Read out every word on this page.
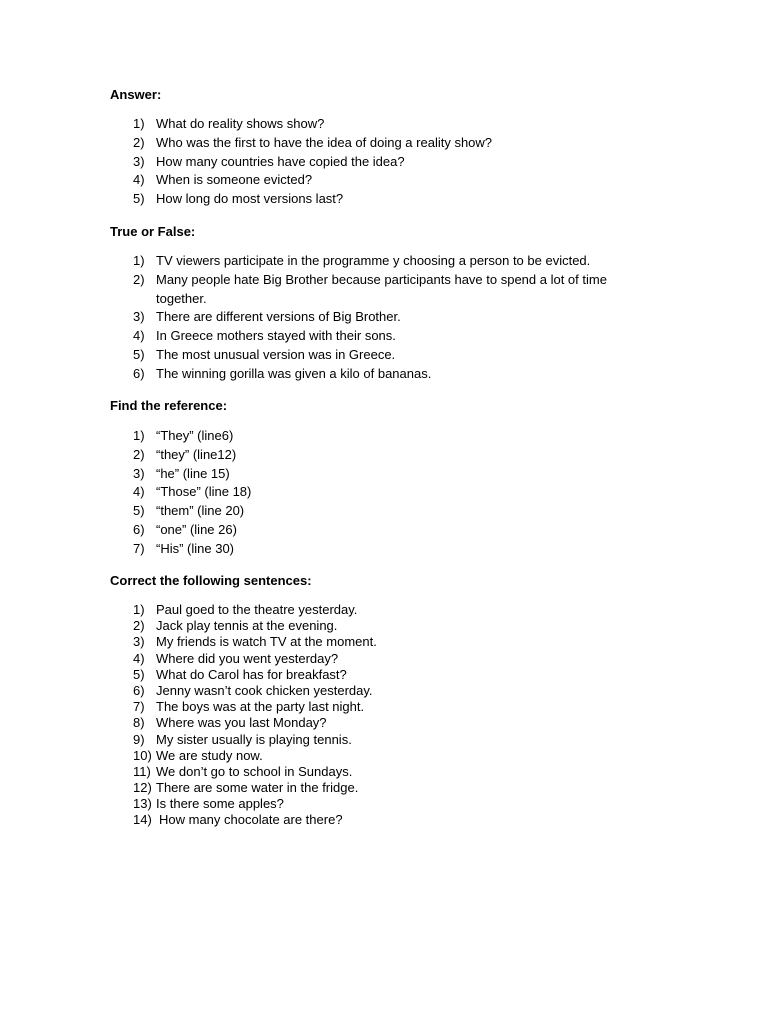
Answer:
1) What do reality shows show?
2) Who was the first to have the idea of doing a reality show?
3) How many countries have copied the idea?
4) When is someone evicted?
5) How long do most versions last?
True or False:
1) TV viewers participate in the programme y choosing a person to be evicted.
2) Many people hate Big Brother because participants have to spend a lot of time together.
3) There are different versions of Big Brother.
4) In Greece mothers stayed with their sons.
5) The most unusual version was in Greece.
6) The winning gorilla was given a kilo of bananas.
Find the reference:
1) “They” (line6)
2) “they” (line12)
3) “he” (line 15)
4) “Those” (line 18)
5) “them” (line 20)
6) “one” (line 26)
7) “His” (line 30)
Correct the following sentences:
1) Paul goed to the theatre yesterday.
2) Jack play tennis at the evening.
3) My friends is watch TV at the moment.
4) Where did you went yesterday?
5) What do Carol has for breakfast?
6) Jenny wasn’t cook chicken yesterday.
7) The boys was at the party last night.
8) Where was you last Monday?
9) My sister usually is playing tennis.
10) We are study now.
11) We don’t go to school in Sundays.
12) There are some water in the fridge.
13) Is there some apples?
14) How many chocolate are there?
